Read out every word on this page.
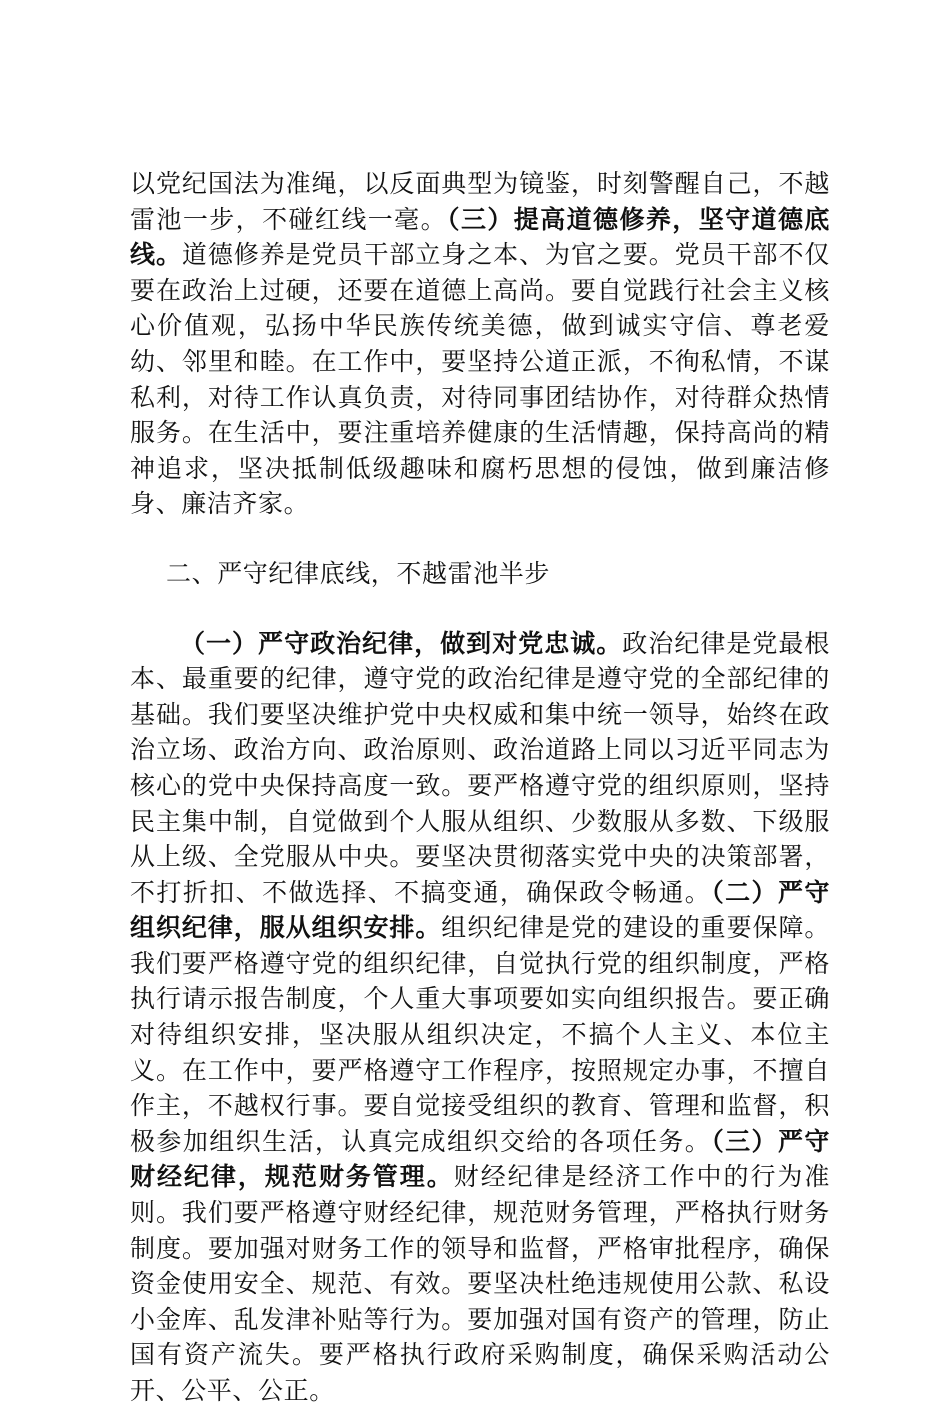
以党纪国法为准绳，以反面典型为镜鉴，时刻警醒自己，不越雷池一步，不碰红线一毫。（三）提高道德修养，坚守道德底线。道德修养是党员干部立身之本、为官之要。党员干部不仅要在政治上过硬，还要在道德上高尚。要自觉践行社会主义核心价值观，弘扬中华民族传统美德，做到诚实守信、尊老爱幼、邻里和睦。在工作中，要坚持公道正派，不徇私情，不谋私利，对待工作认真负责，对待同事团结协作，对待群众热情服务。在生活中，要注重培养健康的生活情趣，保持高尚的精神追求，坚决抵制低级趣味和腐朽思想的侵蚀，做到廉洁修身、廉洁齐家。

二、严守纪律底线，不越雷池半步

（一）严守政治纪律，做到对党忠诚。政治纪律是党最根本、最重要的纪律，遵守党的政治纪律是遵守党的全部纪律的基础。我们要坚决维护党中央权威和集中统一领导，始终在政治立场、政治方向、政治原则、政治道路上同以习近平同志为核心的党中央保持高度一致。要严格遵守党的组织原则，坚持民主集中制，自觉做到个人服从组织、少数服从多数、下级服从上级、全党服从中央。要坚决贯彻落实党中央的决策部署，不打折扣、不做选择、不搞变通，确保政令畅通。（二）严守组织纪律，服从组织安排。组织纪律是党的建设的重要保障。我们要严格遵守党的组织纪律，自觉执行党的组织制度，严格执行请示报告制度，个人重大事项要如实向组织报告。要正确对待组织安排，坚决服从组织决定，不搞个人主义、本位主义。在工作中，要严格遵守工作程序，按照规定办事，不擅自作主，不越权行事。要自觉接受组织的教育、管理和监督，积极参加组织生活，认真完成组织交给的各项任务。（三）严守财经纪律，规范财务管理。财经纪律是经济工作中的行为准则。我们要严格遵守财经纪律，规范财务管理，严格执行财务制度。要加强对财务工作的领导和监督，严格审批程序，确保资金使用安全、规范、有效。要坚决杜绝违规使用公款、私设小金库、乱发津补贴等行为。要加强对国有资产的管理，防止国有资产流失。要严格执行政府采购制度，确保采购活动公开、公平、公正。
